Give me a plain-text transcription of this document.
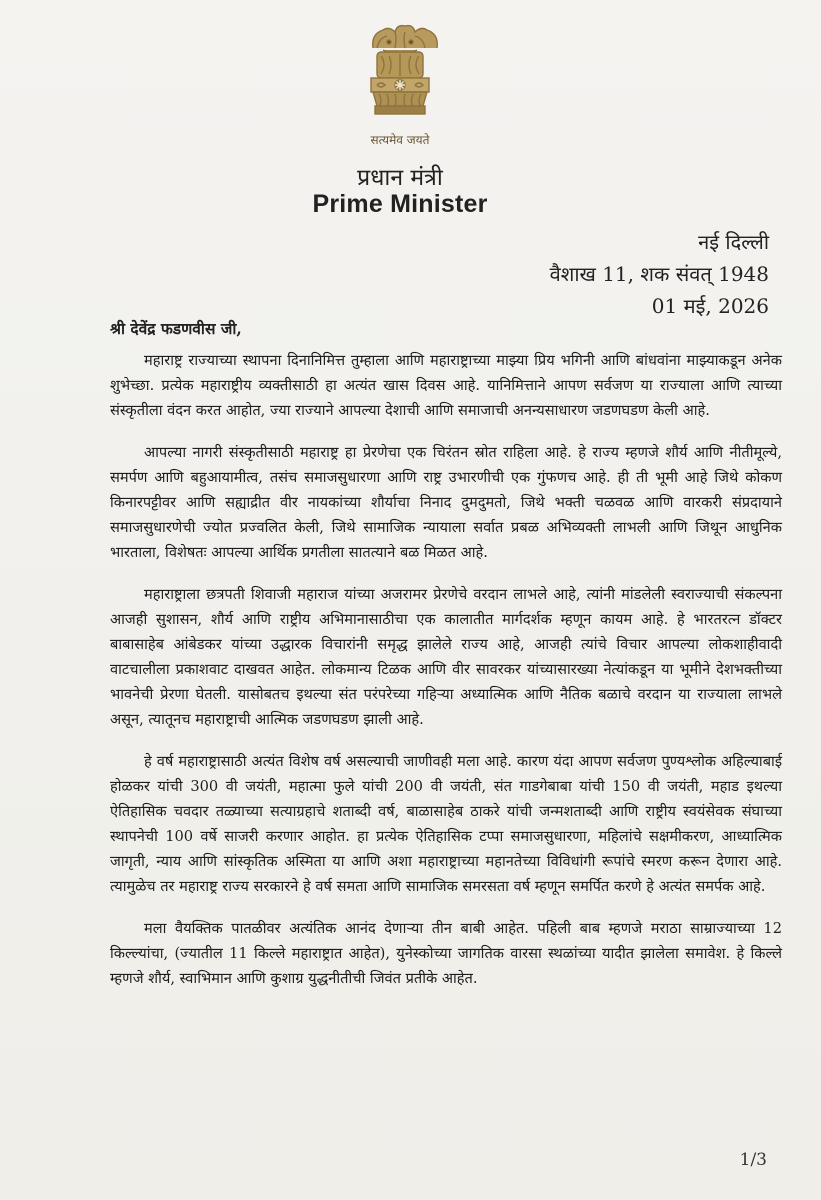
सत्यमेव जयते
प्रधान मंत्री
Prime Minister
नई दिल्ली
वैशाख 11, शक संवत् 1948
01 मई, 2026
श्री देवेंद्र फडणवीस जी,

महाराष्ट्र राज्याच्या स्थापना दिनानिमित्त तुम्हाला आणि महाराष्ट्राच्या माझ्या प्रिय भगिनी आणि बांधवांना माझ्याकडून अनेक शुभेच्छा. प्रत्येक महाराष्ट्रीय व्यक्तीसाठी हा अत्यंत खास दिवस आहे. यानिमित्ताने आपण सर्वजण या राज्याला आणि त्याच्या संस्कृतीला वंदन करत आहोत, ज्या राज्याने आपल्या देशाची आणि समाजाची अनन्यसाधारण जडणघडण केली आहे.

आपल्या नागरी संस्कृतीसाठी महाराष्ट्र हा प्रेरणेचा एक चिरंतन स्रोत राहिला आहे. हे राज्य म्हणजे शौर्य आणि नीतीमूल्ये, समर्पण आणि बहुआयामीत्व, तसंच समाजसुधारणा आणि राष्ट्र उभारणीची एक गुंफणच आहे. ही ती भूमी आहे जिथे कोकण किनारपट्टीवर आणि सह्याद्रीत वीर नायकांच्या शौर्याचा निनाद दुमदुमतो, जिथे भक्ती चळवळ आणि वारकरी संप्रदायाने समाजसुधारणेची ज्योत प्रज्वलित केली, जिथे सामाजिक न्यायाला सर्वात प्रबळ अभिव्यक्ती लाभली आणि जिथून आधुनिक भारताला, विशेषतः आपल्या आर्थिक प्रगतीला सातत्याने बळ मिळत आहे.

महाराष्ट्राला छत्रपती शिवाजी महाराज यांच्या अजरामर प्रेरणेचे वरदान लाभले आहे, त्यांनी मांडलेली स्वराज्याची संकल्पना आजही सुशासन, शौर्य आणि राष्ट्रीय अभिमानासाठीचा एक कालातीत मार्गदर्शक म्हणून कायम आहे. हे भारतरत्न डॉक्टर बाबासाहेब आंबेडकर यांच्या उद्धारक विचारांनी समृद्ध झालेले राज्य आहे, आजही त्यांचे विचार आपल्या लोकशाहीवादी वाटचालीला प्रकाशवाट दाखवत आहेत. लोकमान्य टिळक आणि वीर सावरकर यांच्यासारख्या नेत्यांकडून या भूमीने देशभक्तीच्या भावनेची प्रेरणा घेतली. यासोबतच इथल्या संत परंपरेच्या गहिऱ्या अध्यात्मिक आणि नैतिक बळाचे वरदान या राज्याला लाभले असून, त्यातूनच महाराष्ट्राची आत्मिक जडणघडण झाली आहे.

हे वर्ष महाराष्ट्रासाठी अत्यंत विशेष वर्ष असल्याची जाणीवही मला आहे. कारण यंदा आपण सर्वजण पुण्यश्लोक अहिल्याबाई होळकर यांची 300 वी जयंती, महात्मा फुले यांची 200 वी जयंती, संत गाडगेबाबा यांची 150 वी जयंती, महाड इथल्या ऐतिहासिक चवदार तळ्याच्या सत्याग्रहाचे शताब्दी वर्ष, बाळासाहेब ठाकरे यांची जन्मशताब्दी आणि राष्ट्रीय स्वयंसेवक संघाच्या स्थापनेची 100 वर्षे साजरी करणार आहोत. हा प्रत्येक ऐतिहासिक टप्पा समाजसुधारणा, महिलांचे सक्षमीकरण, आध्यात्मिक जागृती, न्याय आणि सांस्कृतिक अस्मिता या आणि अशा महाराष्ट्राच्या महानतेच्या विविधांगी रूपांचे स्मरण करून देणारा आहे. त्यामुळेच तर महाराष्ट्र राज्य सरकारने हे वर्ष समता आणि सामाजिक समरसता वर्ष म्हणून समर्पित करणे हे अत्यंत समर्पक आहे.

मला वैयक्तिक पातळीवर अत्यंतिक आनंद देणाऱ्या तीन बाबी आहेत. पहिली बाब म्हणजे मराठा साम्राज्याच्या 12 किल्ल्यांचा, (ज्यातील 11 किल्ले महाराष्ट्रात आहेत), युनेस्कोच्या जागतिक वारसा स्थळांच्या यादीत झालेला समावेश. हे किल्ले म्हणजे शौर्य, स्वाभिमान आणि कुशाग्र युद्धनीतीची जिवंत प्रतीके आहेत.

1/3
